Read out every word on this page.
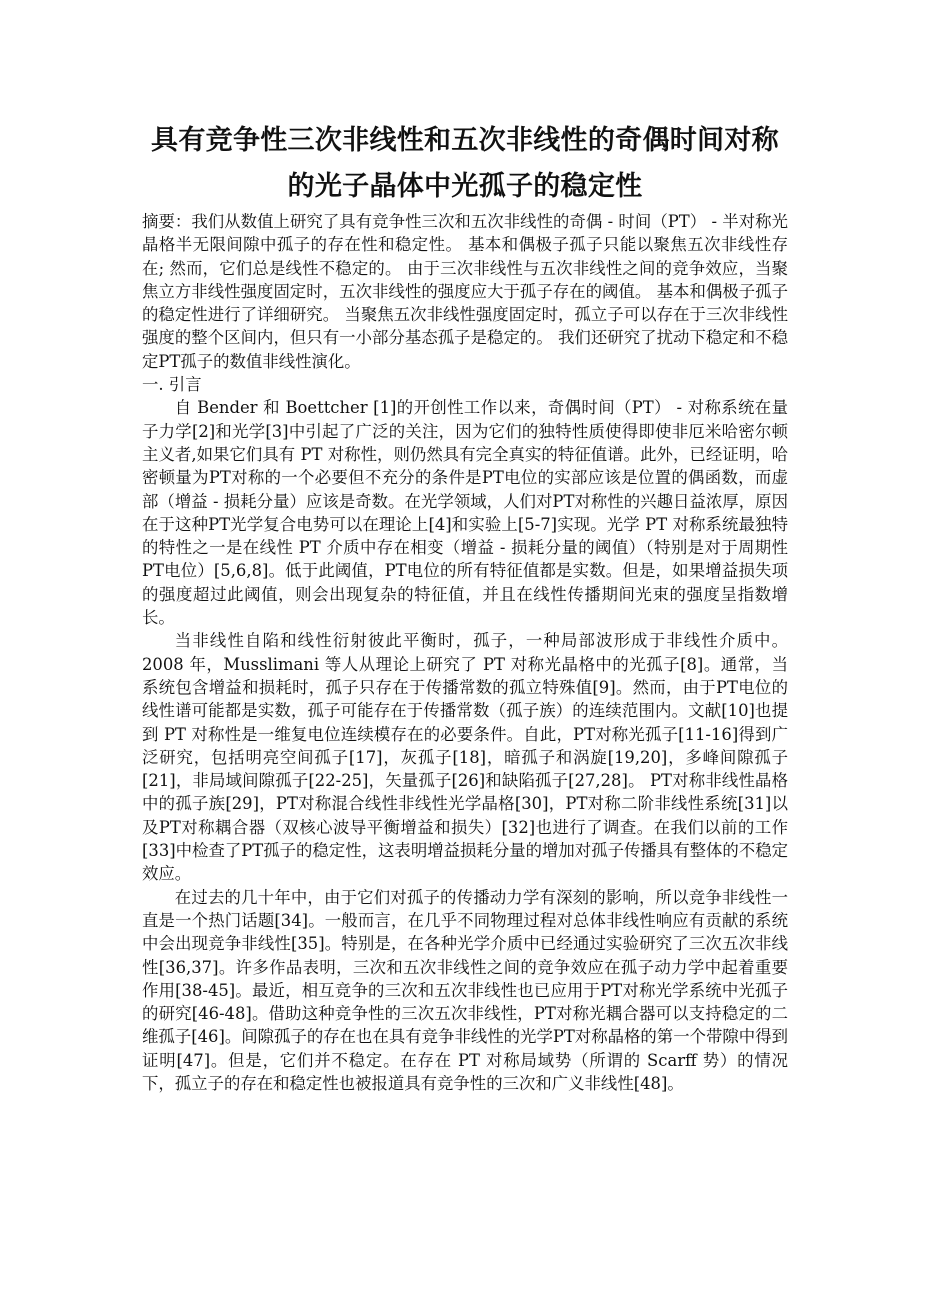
具有竞争性三次非线性和五次非线性的奇偶时间对称
的光子晶体中光孤子的稳定性

摘要：我们从数值上研究了具有竞争性三次和五次非线性的奇偶 - 时间（PT） - 半对称光晶格半无限间隙中孤子的存在性和稳定性。 基本和偶极子孤子只能以聚焦五次非线性存在; 然而，它们总是线性不稳定的。 由于三次非线性与五次非线性之间的竞争效应，当聚焦立方非线性强度固定时，五次非线性的强度应大于孤子存在的阈值。 基本和偶极子孤子的稳定性进行了详细研究。 当聚焦五次非线性强度固定时，孤立子可以存在于三次非线性强度的整个区间内，但只有一小部分基态孤子是稳定的。 我们还研究了扰动下稳定和不稳定PT孤子的数值非线性演化。

一. 引言

自 Bender 和 Boettcher [1]的开创性工作以来，奇偶时间（PT） - 对称系统在量子力学[2]和光学[3]中引起了广泛的关注，因为它们的独特性质使得即使非厄米哈密尔顿主义者,如果它们具有 PT 对称性，则仍然具有完全真实的特征值谱。此外，已经证明，哈密顿量为PT对称的一个必要但不充分的条件是PT电位的实部应该是位置的偶函数，而虚部（增益 - 损耗分量）应该是奇数。在光学领域，人们对PT对称性的兴趣日益浓厚，原因在于这种PT光学复合电势可以在理论上[4]和实验上[5-7]实现。光学 PT 对称系统最独特的特性之一是在线性 PT 介质中存在相变（增益 - 损耗分量的阈值）（特别是对于周期性PT电位）[5,6,8]。低于此阈值，PT电位的所有特征值都是实数。但是，如果增益损失项的强度超过此阈值，则会出现复杂的特征值，并且在线性传播期间光束的强度呈指数增长。

当非线性自陷和线性衍射彼此平衡时，孤子，一种局部波形成于非线性介质中。2008 年，Musslimani 等人从理论上研究了 PT 对称光晶格中的光孤子[8]。通常，当系统包含增益和损耗时，孤子只存在于传播常数的孤立特殊值[9]。然而，由于PT电位的线性谱可能都是实数，孤子可能存在于传播常数（孤子族）的连续范围内。文献[10]也提到 PT 对称性是一维复电位连续模存在的必要条件。自此，PT对称光孤子[11-16]得到广泛研究，包括明亮空间孤子[17]，灰孤子[18]，暗孤子和涡旋[19,20]，多峰间隙孤子[21]，非局域间隙孤子[22-25]，矢量孤子[26]和缺陷孤子[27,28]。 PT对称非线性晶格中的孤子族[29]，PT对称混合线性非线性光学晶格[30]，PT对称二阶非线性系统[31]以及PT对称耦合器（双核心波导平衡增益和损失）[32]也进行了调查。在我们以前的工作[33]中检查了PT孤子的稳定性，这表明增益损耗分量的增加对孤子传播具有整体的不稳定效应。

在过去的几十年中，由于它们对孤子的传播动力学有深刻的影响，所以竞争非线性一直是一个热门话题[34]。一般而言，在几乎不同物理过程对总体非线性响应有贡献的系统中会出现竞争非线性[35]。特别是，在各种光学介质中已经通过实验研究了三次五次非线性[36,37]。许多作品表明，三次和五次非线性之间的竞争效应在孤子动力学中起着重要作用[38-45]。最近，相互竞争的三次和五次非线性也已应用于PT对称光学系统中光孤子的研究[46-48]。借助这种竞争性的三次五次非线性，PT对称光耦合器可以支持稳定的二维孤子[46]。间隙孤子的存在也在具有竞争非线性的光学PT对称晶格的第一个带隙中得到证明[47]。但是，它们并不稳定。在存在 PT 对称局域势（所谓的 Scarff 势）的情况下，孤立子的存在和稳定性也被报道具有竞争性的三次和广义非线性[48]。
